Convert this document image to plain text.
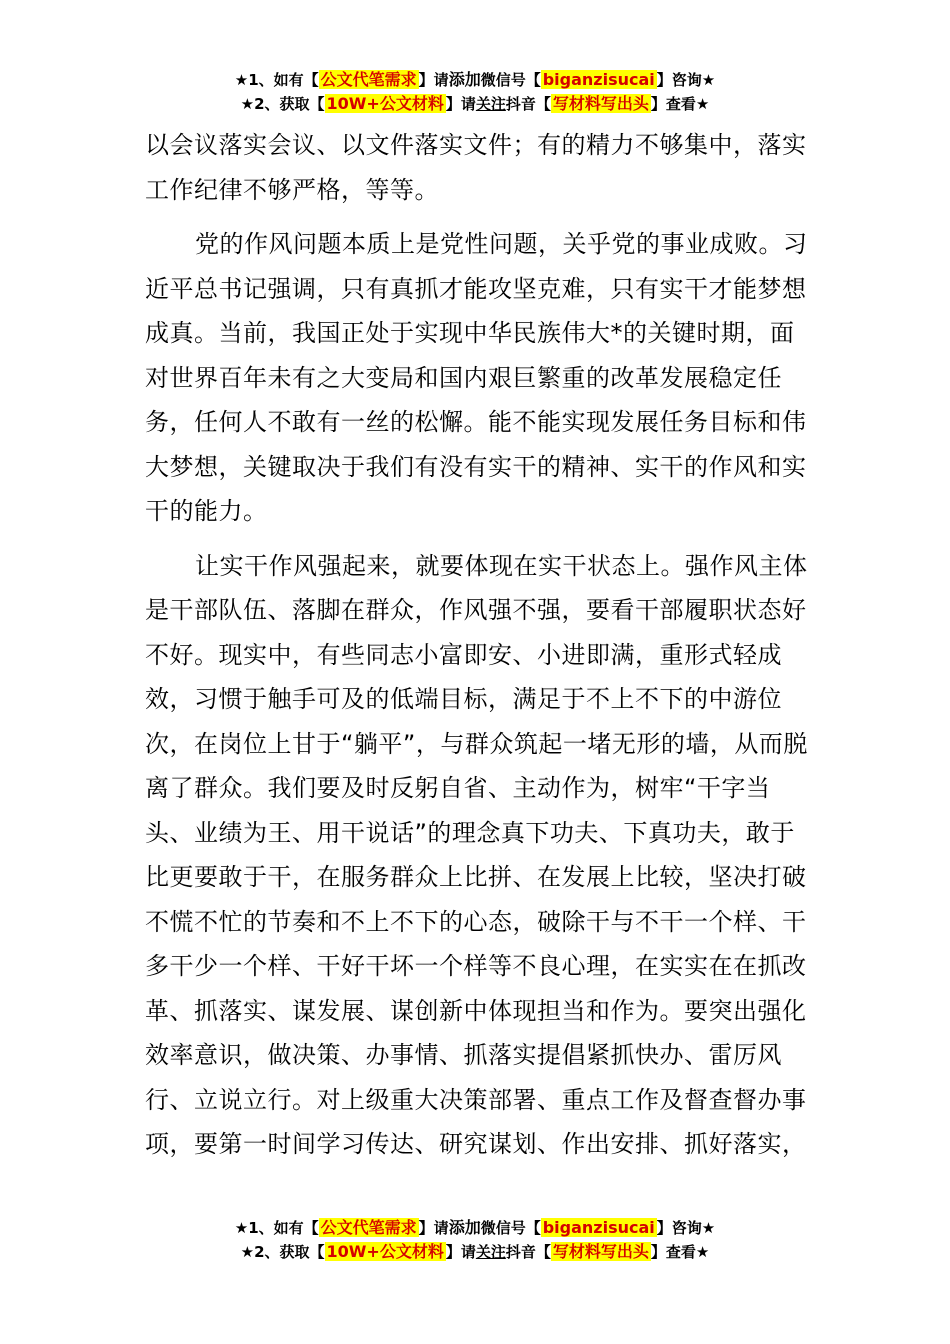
★1、如有【 公文代笔需求 】请添加微信号【 biganzisucai 】咨询★
★2、获取【 10W+公文材料 】请关注抖音【 写材料写出头 】查看★

以会议落实会议、以文件落实文件；有的精力不够集中，落实工作纪律不够严格，等等。

党的作风问题本质上是党性问题，关乎党的事业成败。习近平总书记强调，只有真抓才能攻坚克难，只有实干才能梦想成真。当前，我国正处于实现中华民族伟大*的关键时期，面对世界百年未有之大变局和国内艰巨繁重的改革发展稳定任务，任何人不敢有一丝的松懈。能不能实现发展任务目标和伟大梦想，关键取决于我们有没有实干的精神、实干的作风和实干的能力。

让实干作风强起来，就要体现在实干状态上。强作风主体是干部队伍、落脚在群众，作风强不强，要看干部履职状态好不好。现实中，有些同志小富即安、小进即满，重形式轻成效，习惯于触手可及的低端目标，满足于不上不下的中游位次，在岗位上甘于“躺平”，与群众筑起一堵无形的墙，从而脱离了群众。我们要及时反躬自省、主动作为，树牢“干字当头、业绩为王、用干说话”的理念真下功夫、下真功夫，敢于比更要敢于干，在服务群众上比拼、在发展上比较，坚决打破不慌不忙的节奏和不上不下的心态，破除干与不干一个样、干多干少一个样、干好干坏一个样等不良心理，在实实在在抓改革、抓落实、谋发展、谋创新中体现担当和作为。要突出强化效率意识，做决策、办事情、抓落实提倡紧抓快办、雷厉风行、立说立行。对上级重大决策部署、重点工作及督查督办事项，要第一时间学习传达、研究谋划、作出安排、抓好落实，

★1、如有【 公文代笔需求 】请添加微信号【 biganzisucai 】咨询★
★2、获取【 10W+公文材料 】请关注抖音【 写材料写出头 】查看★
